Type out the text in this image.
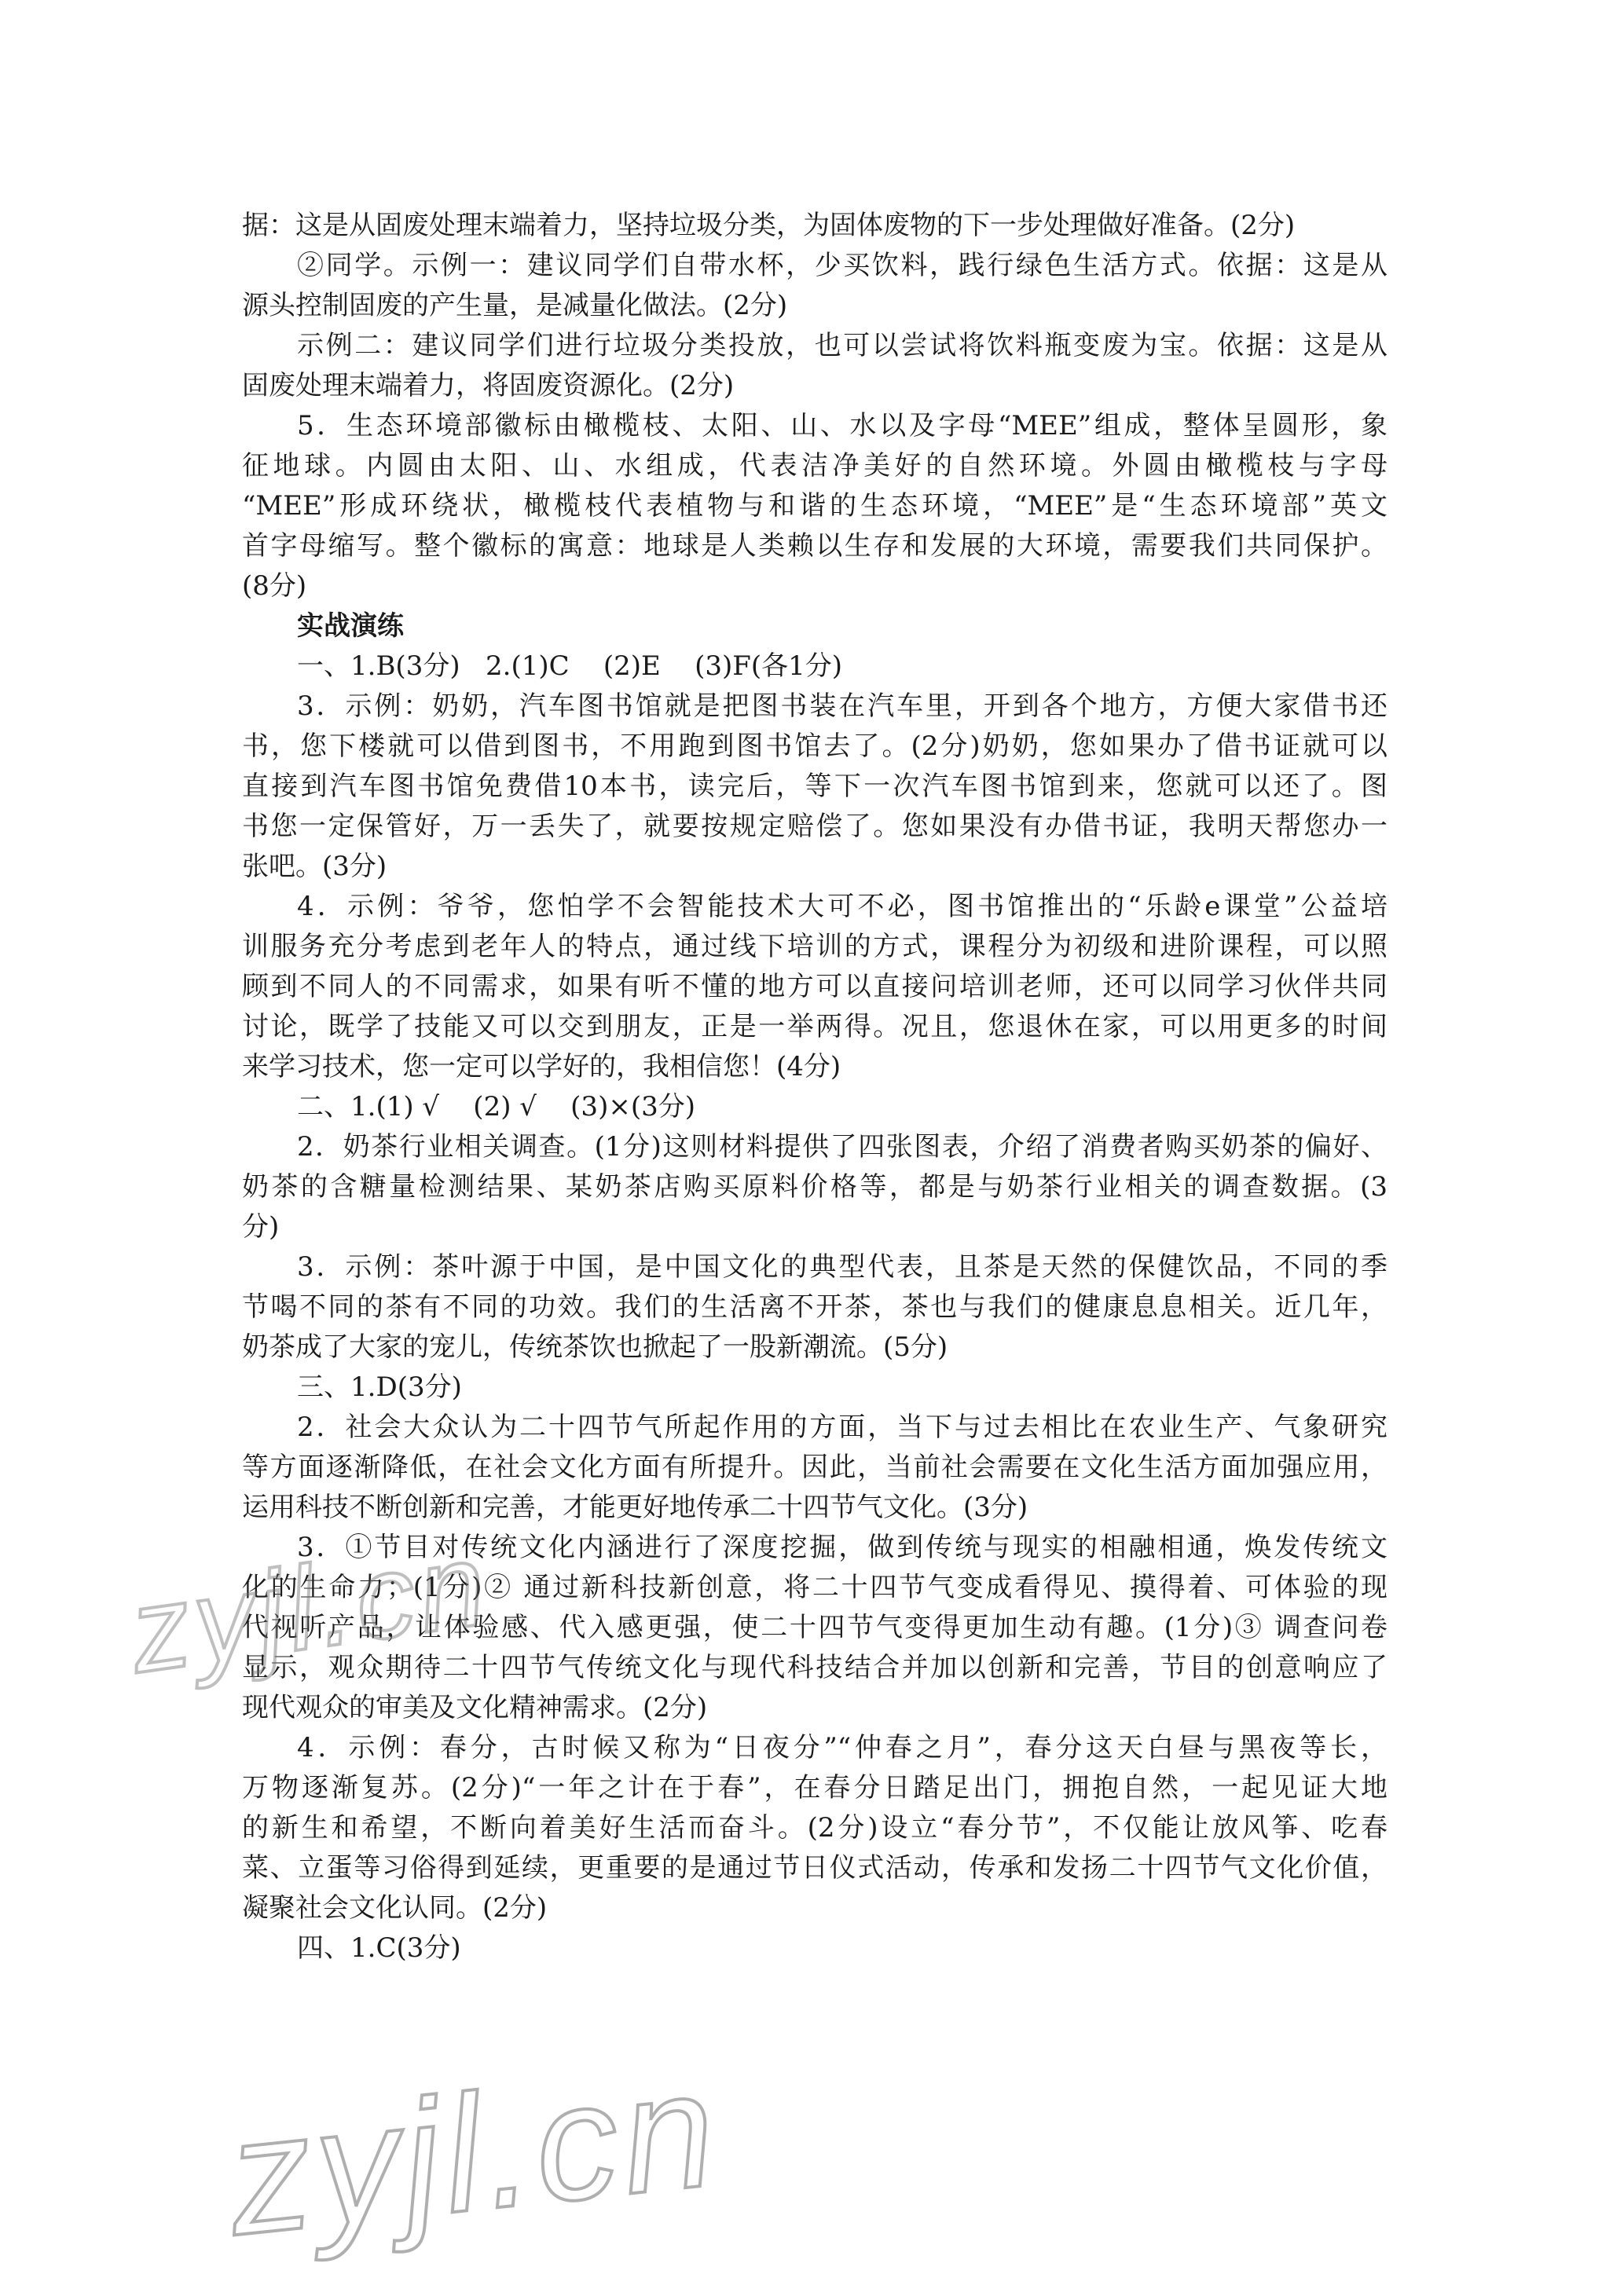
据：这是从固废处理末端着力，坚持垃圾分类，为固体废物的下一步处理做好准备。(2分)
②同学。示例一：建议同学们自带水杯，少买饮料，践行绿色生活方式。依据：这是从
源头控制固废的产生量，是减量化做法。(2分)
示例二：建议同学们进行垃圾分类投放，也可以尝试将饮料瓶变废为宝。依据：这是从
固废处理末端着力，将固废资源化。(2分)
5．生态环境部徽标由橄榄枝、太阳、山、水以及字母“MEE”组成，整体呈圆形，象
征地球。内圆由太阳、山、水组成，代表洁净美好的自然环境。外圆由橄榄枝与字母
“MEE”形成环绕状，橄榄枝代表植物与和谐的生态环境，“MEE”是“生态环境部”英文
首字母缩写。整个徽标的寓意：地球是人类赖以生存和发展的大环境，需要我们共同保护。
(8分)
实战演练
一、1.B(3分)   2.(1)C    (2)E    (3)F(各1分)
3．示例：奶奶，汽车图书馆就是把图书装在汽车里，开到各个地方，方便大家借书还
书，您下楼就可以借到图书，不用跑到图书馆去了。(2分)奶奶，您如果办了借书证就可以
直接到汽车图书馆免费借10本书，读完后，等下一次汽车图书馆到来，您就可以还了。图
书您一定保管好，万一丢失了，就要按规定赔偿了。您如果没有办借书证，我明天帮您办一
张吧。(3分)
4．示例：爷爷，您怕学不会智能技术大可不必，图书馆推出的“乐龄e课堂”公益培
训服务充分考虑到老年人的特点，通过线下培训的方式，课程分为初级和进阶课程，可以照
顾到不同人的不同需求，如果有听不懂的地方可以直接问培训老师，还可以同学习伙伴共同
讨论，既学了技能又可以交到朋友，正是一举两得。况且，您退休在家，可以用更多的时间
来学习技术，您一定可以学好的，我相信您！(4分)
二、1.(1) √    (2) √    (3)×(3分)
2．奶茶行业相关调查。(1分)这则材料提供了四张图表，介绍了消费者购买奶茶的偏好、
奶茶的含糖量检测结果、某奶茶店购买原料价格等，都是与奶茶行业相关的调查数据。(3
分)
3．示例：茶叶源于中国，是中国文化的典型代表，且茶是天然的保健饮品，不同的季
节喝不同的茶有不同的功效。我们的生活离不开茶，茶也与我们的健康息息相关。近几年，
奶茶成了大家的宠儿，传统茶饮也掀起了一股新潮流。(5分)
三、1.D(3分)
2．社会大众认为二十四节气所起作用的方面，当下与过去相比在农业生产、气象研究
等方面逐渐降低，在社会文化方面有所提升。因此，当前社会需要在文化生活方面加强应用，
运用科技不断创新和完善，才能更好地传承二十四节气文化。(3分)
3．①节目对传统文化内涵进行了深度挖掘，做到传统与现实的相融相通，焕发传统文
化的生命力；(1分)② 通过新科技新创意，将二十四节气变成看得见、摸得着、可体验的现
代视听产品，让体验感、代入感更强，使二十四节气变得更加生动有趣。(1分)③ 调查问卷
显示，观众期待二十四节气传统文化与现代科技结合并加以创新和完善，节目的创意响应了
现代观众的审美及文化精神需求。(2分)
4．示例：春分，古时候又称为“日夜分”“仲春之月”，春分这天白昼与黑夜等长，
万物逐渐复苏。(2分)“一年之计在于春”，在春分日踏足出门，拥抱自然，一起见证大地
的新生和希望，不断向着美好生活而奋斗。(2分)设立“春分节”，不仅能让放风筝、吃春
菜、立蛋等习俗得到延续，更重要的是通过节日仪式活动，传承和发扬二十四节气文化价值，
凝聚社会文化认同。(2分)
四、1.C(3分)
zyjl.cn
zyjl.cn
